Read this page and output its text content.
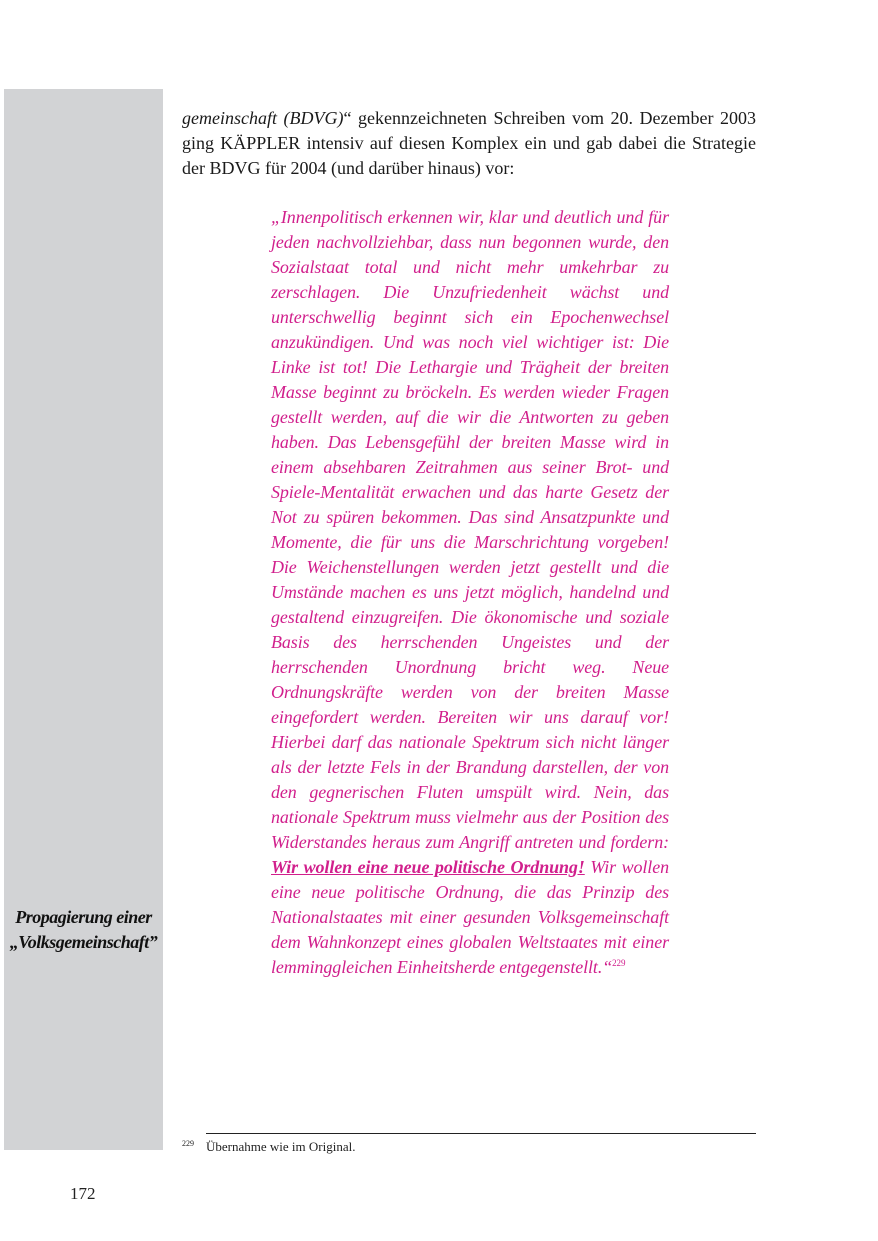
Propagierung einer „Volksgemeinschaft”
gemeinschaft (BDVG)“ gekennzeichneten Schreiben vom 20. Dezember 2003 ging KÄPPLER intensiv auf diesen Komplex ein und gab dabei die Strategie der BDVG für 2004 (und darüber hinaus) vor:
„Innenpolitisch erkennen wir, klar und deutlich und für jeden nachvollziehbar, dass nun begonnen wurde, den Sozialstaat total und nicht mehr umkehrbar zu zerschlagen. Die Unzufriedenheit wächst und unterschwellig beginnt sich ein Epochenwechsel anzukündigen. Und was noch viel wichtiger ist: Die Linke ist tot! Die Lethargie und Trägheit der breiten Masse beginnt zu bröckeln. Es werden wieder Fragen gestellt werden, auf die wir die Antworten zu geben haben. Das Lebensgefühl der breiten Masse wird in einem absehbaren Zeitrahmen aus seiner Brot- und Spiele-Mentalität erwachen und das harte Gesetz der Not zu spüren bekommen. Das sind Ansatzpunkte und Momente, die für uns die Marschrichtung vorgeben! Die Weichenstellungen werden jetzt gestellt und die Umstände machen es uns jetzt möglich, handelnd und gestaltend einzugreifen. Die ökonomische und soziale Basis des herrschenden Ungeistes und der herrschenden Unordnung bricht weg. Neue Ordnungskräfte werden von der breiten Masse eingefordert werden. Bereiten wir uns darauf vor! Hierbei darf das nationale Spektrum sich nicht länger als der letzte Fels in der Brandung darstellen, der von den gegnerischen Fluten umspült wird. Nein, das nationale Spektrum muss vielmehr aus der Position des Widerstandes heraus zum Angriff antreten und fordern: Wir wollen eine neue politische Ordnung! Wir wollen eine neue politische Ordnung, die das Prinzip des Nationalstaates mit einer gesunden Volksgemeinschaft dem Wahnkonzept eines globalen Weltstaates mit einer lemminggleichen Einheitsherde entgegenstellt.“$^{229}$
229 Übernahme wie im Original.
172
